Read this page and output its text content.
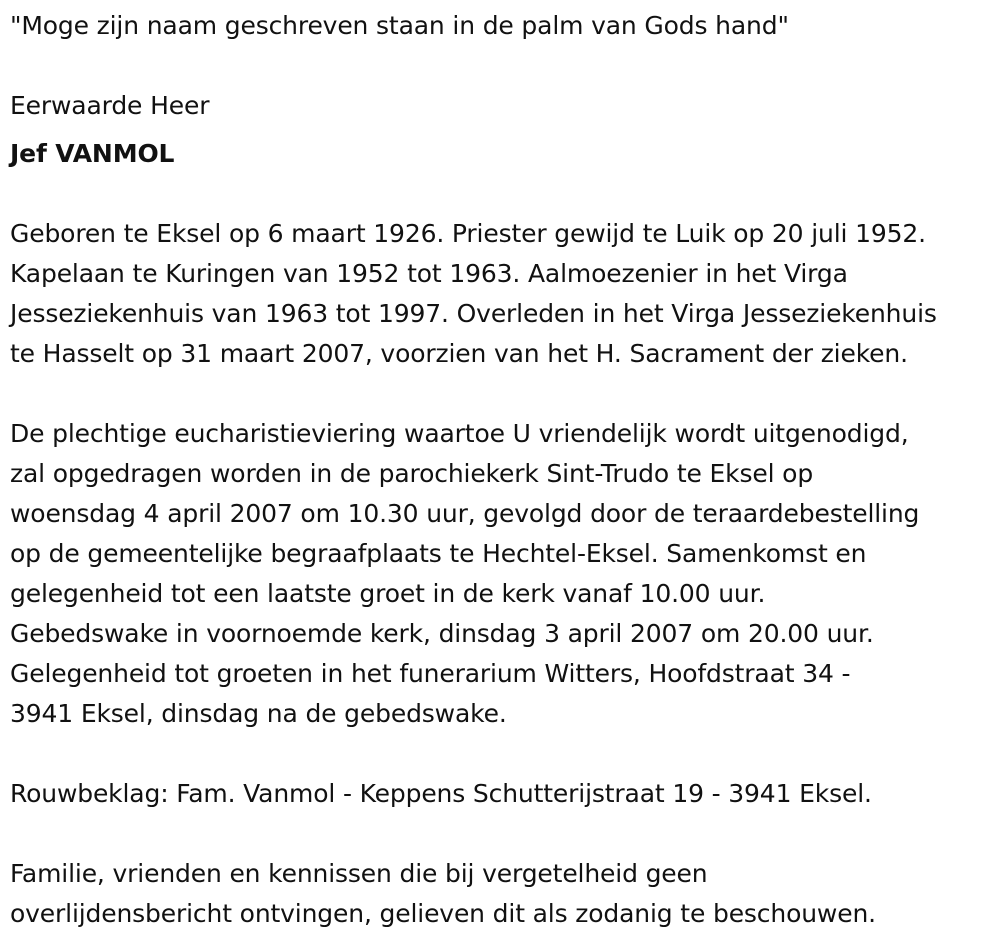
"Moge zijn naam geschreven staan in de palm van Gods hand"
Eerwaarde Heer
Jef VANMOL
Geboren te Eksel op 6 maart 1926. Priester gewijd te Luik op 20 juli 1952.
Kapelaan te Kuringen van 1952 tot 1963. Aalmoezenier in het Virga
Jesseziekenhuis van 1963 tot 1997. Overleden in het Virga Jesseziekenhuis
te Hasselt op 31 maart 2007, voorzien van het H. Sacrament der zieken.
De plechtige eucharistieviering waartoe U vriendelijk wordt uitgenodigd,
zal opgedragen worden in de parochiekerk Sint-Trudo te Eksel op
woensdag 4 april 2007 om 10.30 uur, gevolgd door de teraardebestelling
op de gemeentelijke begraafplaats te Hechtel-Eksel. Samenkomst en
gelegenheid tot een laatste groet in de kerk vanaf 10.00 uur.
Gebedswake in voornoemde kerk, dinsdag 3 april 2007 om 20.00 uur.
Gelegenheid tot groeten in het funerarium Witters, Hoofdstraat 34 -
3941 Eksel, dinsdag na de gebedswake.
Rouwbeklag: Fam. Vanmol - Keppens Schutterijstraat 19 - 3941 Eksel.
Familie, vrienden en kennissen die bij vergetelheid geen
overlijdensbericht ontvingen, gelieven dit als zodanig te beschouwen.
